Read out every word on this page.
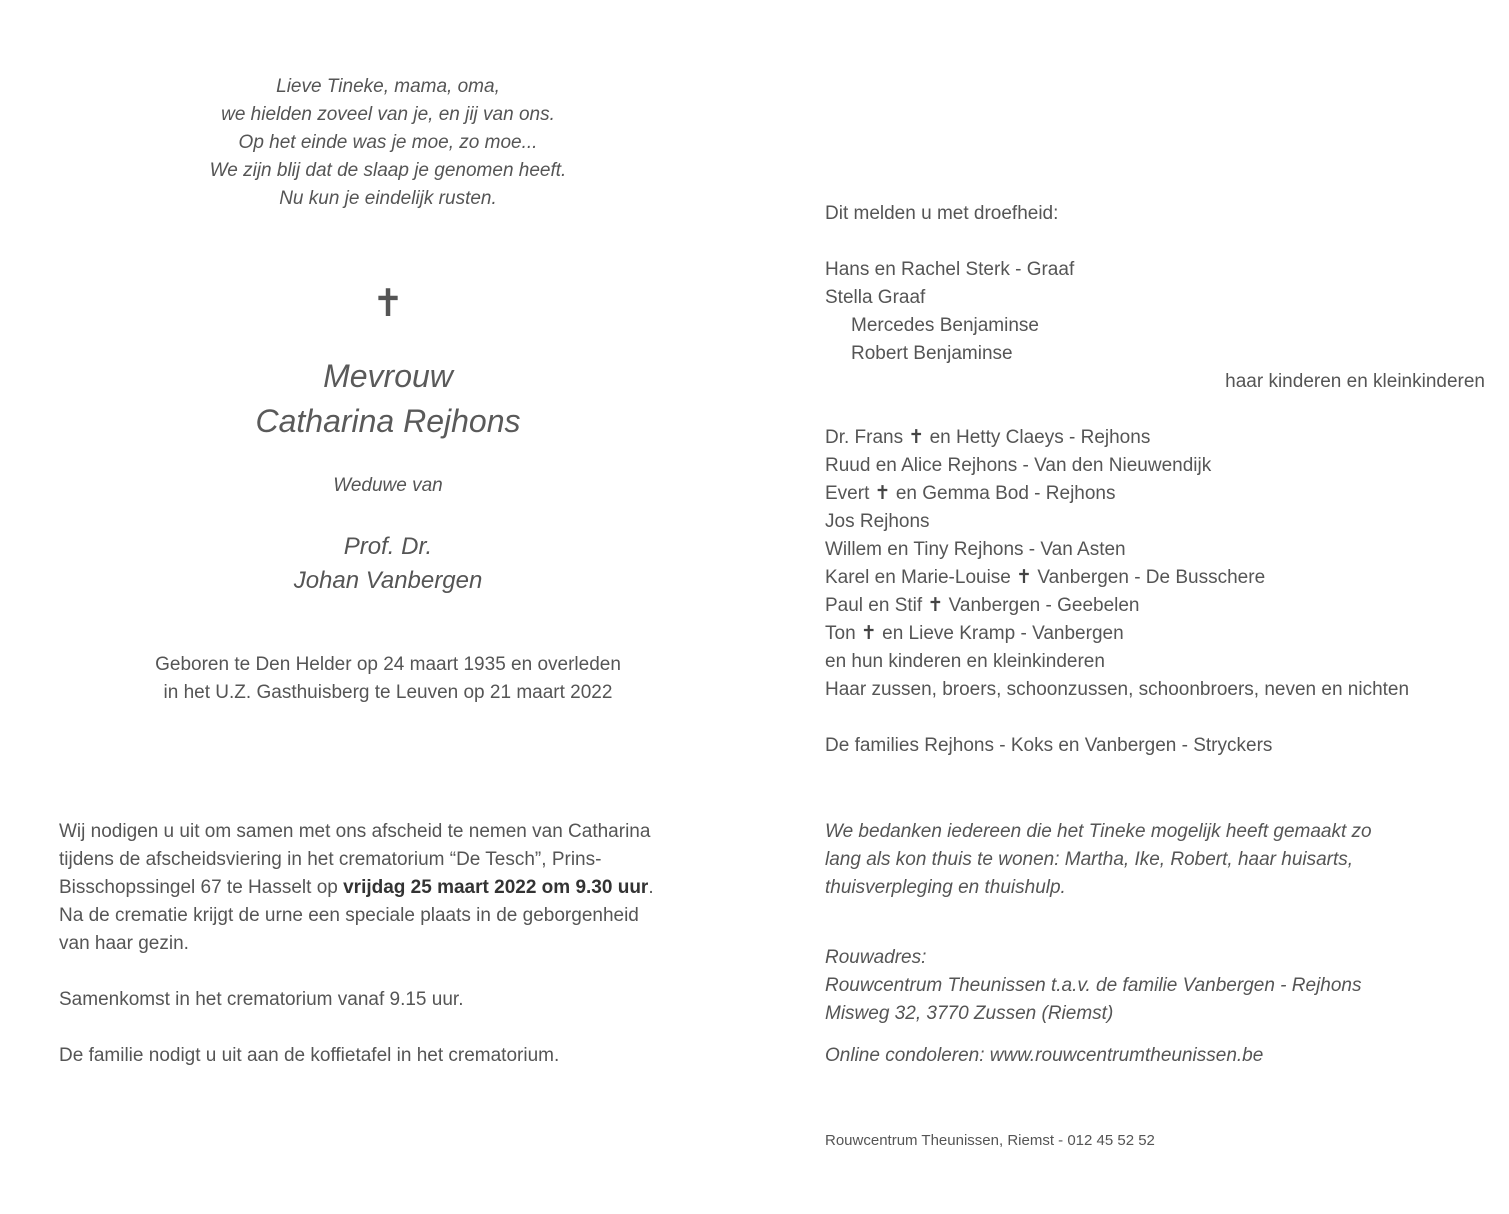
Lieve Tineke, mama, oma,
we hielden zoveel van je, en jij van ons.
Op het einde was je moe, zo moe...
We zijn blij dat de slaap je genomen heeft.
Nu kun je eindelijk rusten.
✝
Mevrouw
Catharina Rejhons
Weduwe van
Prof. Dr.
Johan Vanbergen
Geboren te Den Helder op 24 maart 1935 en overleden
in het U.Z. Gasthuisberg te Leuven op 21 maart 2022

Wij nodigen u uit om samen met ons afscheid te nemen van Catharina

tijdens de afscheidsviering in het crematorium “De Tesch”, Prins-

Bisschopssingel 67 te Hasselt op vrijdag 25 maart 2022 om 9.30 uur.

Na de crematie krijgt de urne een speciale plaats in de geborgenheid

van haar gezin.

Samenkomst in het crematorium vanaf 9.15 uur.

De familie nodigt u uit aan de koffietafel in het crematorium.

Dit melden u met droefheid:
Hans en Rachel Sterk - Graaf
Stella Graaf
Mercedes Benjaminse
Robert Benjaminse
haar kinderen en kleinkinderen
Dr. Frans ✝ en Hetty Claeys - Rejhons
Ruud en Alice Rejhons - Van den Nieuwendijk
Evert ✝ en Gemma Bod - Rejhons
Jos Rejhons
Willem en Tiny Rejhons - Van Asten
Karel en Marie-Louise ✝ Vanbergen - De Busschere
Paul en Stif ✝ Vanbergen - Geebelen
Ton ✝ en Lieve Kramp - Vanbergen
en hun kinderen en kleinkinderen
Haar zussen, broers, schoonzussen, schoonbroers, neven en nichten
De families Rejhons - Koks en Vanbergen - Stryckers
We bedanken iedereen die het Tineke mogelijk heeft gemaakt zo
lang als kon thuis te wonen: Martha, Ike, Robert, haar huisarts,
thuisverpleging en thuishulp.
Rouwadres:
Rouwcentrum Theunissen t.a.v. de familie Vanbergen - Rejhons
Misweg 32, 3770 Zussen (Riemst)
Online condoleren: www.rouwcentrumtheunissen.be
Rouwcentrum Theunissen, Riemst - 012 45 52 52
